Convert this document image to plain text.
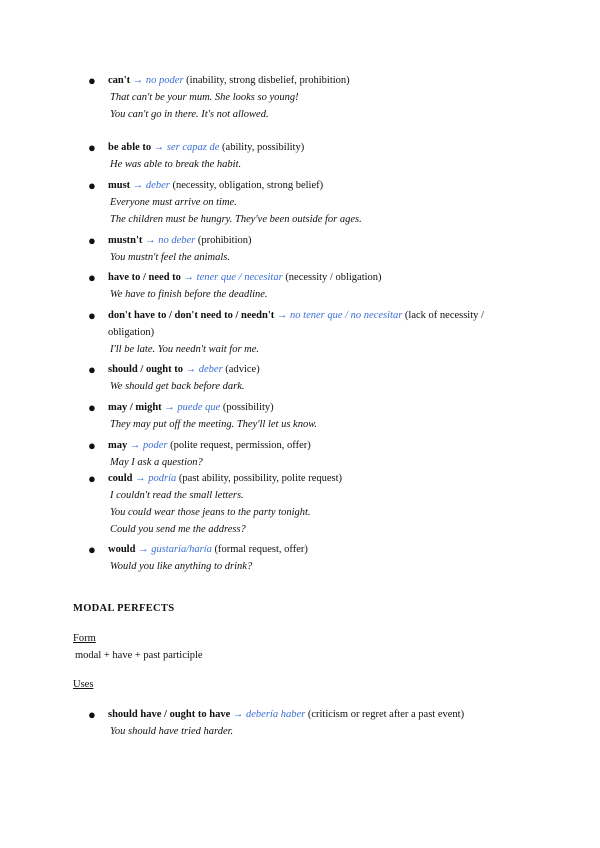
●	can't → no poder (inability, strong disbelief, prohibition)
That can't be your mum. She looks so young!
You can't go in there. It's not allowed.
●	be able to → ser capaz de (ability, possibility)
He was able to break the habit.
●	must → deber (necessity, obligation, strong belief)
Everyone must arrive on time.
The children must be hungry. They've been outside for ages.
●	mustn't → no deber (prohibition)
You mustn't feel the animals.
●	have to / need to → tener que / necesitar (necessity / obligation)
We have to finish before the deadline.
●	don't have to / don't need to / needn't → no tener que / no necesitar (lack of necessity / obligation)
I'll be late. You needn't wait for me.
●	should / ought to → deber (advice)
We should get back before dark.
●	may / might → puede que (possibility)
They may put off the meeting. They'll let us know.
●	may → poder (polite request, permission, offer)
May I ask a question?
●	could → podría (past ability, possibility, polite request)
I couldn't read the small letters.
You could wear those jeans to the party tonight.
Could you send me the address?
●	would → gustaría/haría (formal request, offer)
Would you like anything to drink?
MODAL PERFECTS
Form
modal + have + past participle
Uses
●	should have / ought to have → debería haber (criticism or regret after a past event)
You should have tried harder.
